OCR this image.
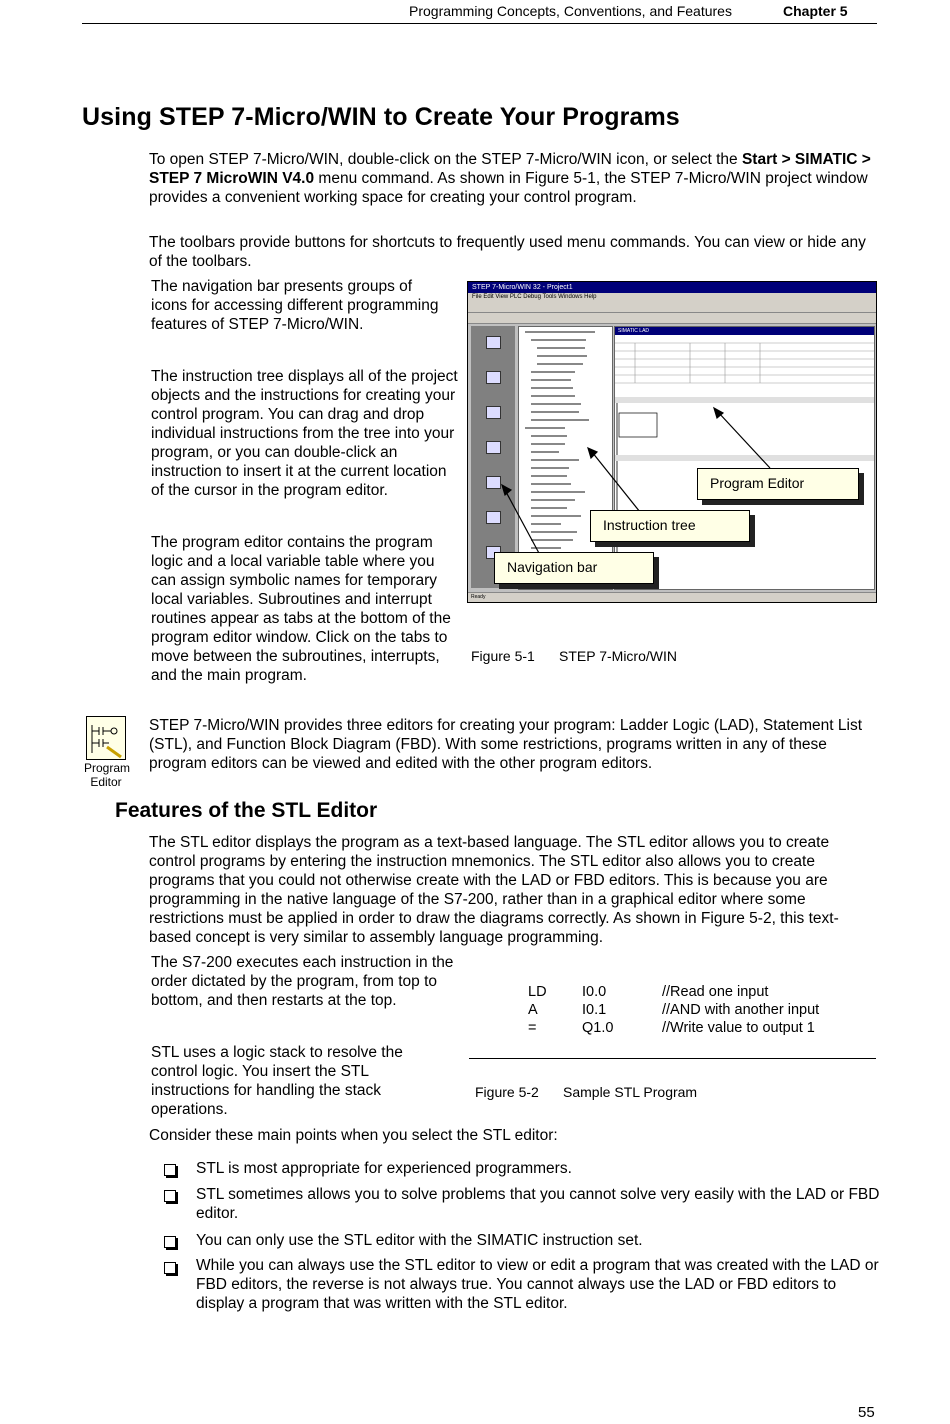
Programming Concepts, Conventions, and Features	Chapter 5
Using STEP 7-Micro/WIN to Create Your Programs

To open STEP 7-Micro/WIN, double-click on the STEP 7-Micro/WIN icon, or select the Start > SIMATIC > STEP 7 MicroWIN V4.0 menu command. As shown in Figure 5-1, the STEP 7-Micro/WIN project window provides a convenient working space for creating your control program.

The toolbars provide buttons for shortcuts to frequently used menu commands. You can view or hide any of the toolbars.

The navigation bar presents groups of icons for accessing different programming features of STEP 7-Micro/WIN.

The instruction tree displays all of the project objects and the instructions for creating your control program. You can drag and drop individual instructions from the tree into your program, or you can double-click an instruction to insert it at the current location of the cursor in the program editor.

The program editor contains the program logic and a local variable table where you can assign symbolic names for temporary local variables. Subroutines and interrupt routines appear as tabs at the bottom of the program editor window. Click on the tabs to move between the subroutines, interrupts, and the main program.

STEP 7-Micro/WIN 32 - Project1
File Edit View PLC Debug Tools Windows Help
SIMATIC LAD
Ready
Program Editor
Instruction tree
Navigation bar
Figure 5-1 STEP 7-Micro/WIN
Program
Editor

STEP 7-Micro/WIN provides three editors for creating your program: Ladder Logic (LAD), Statement List (STL), and Function Block Diagram (FBD). With some restrictions, programs written in any of these program editors can be viewed and edited with the other program editors.

Features of the STL Editor

The STL editor displays the program as a text-based language. The STL editor allows you to create control programs by entering the instruction mnemonics. The STL editor also allows you to create programs that you could not otherwise create with the LAD or FBD editors. This is because you are programming in the native language of the S7-200, rather than in a graphical editor where some restrictions must be applied in order to draw the diagrams correctly. As shown in Figure 5-2, this text-based concept is very similar to assembly language programming.

The S7-200 executes each instruction in the order dictated by the program, from top to bottom, and then restarts at the top.

STL uses a logic stack to resolve the control logic. You insert the STL instructions for handling the stack operations.

LD I0.0	//Read one input
A	I0.1	//AND with another input
=	Q1.0	//Write value to output 1
Figure 5-2 Sample STL Program

Consider these main points when you select the STL editor:

STL is most appropriate for experienced programmers.

STL sometimes allows you to solve problems that you cannot solve very easily with the LAD or FBD editor.

You can only use the STL editor with the SIMATIC instruction set.

While you can always use the STL editor to view or edit a program that was created with the LAD or FBD editors, the reverse is not always true. You cannot always use the LAD or FBD editors to display a program that was written with the STL editor.

55
